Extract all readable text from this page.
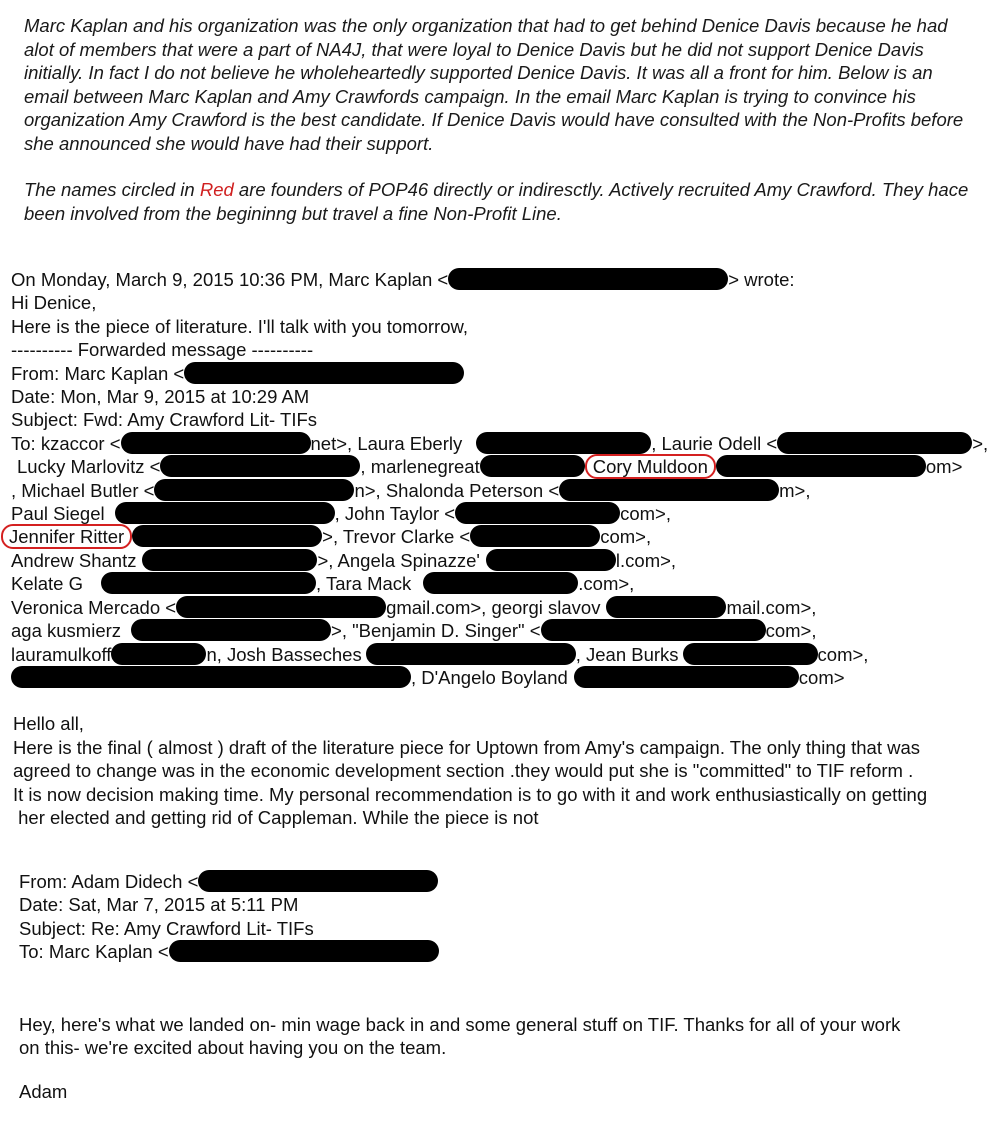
Marc Kaplan and his organization was the only organization that had to get behind Denice Davis because he had alot of members that were a part of NA4J, that were loyal to Denice Davis but he did not support Denice Davis initially. In fact I do not believe he wholeheartedly supported Denice Davis. It was all a front for him. Below is an email between Marc Kaplan and Amy Crawfords campaign. In the email Marc Kaplan is trying to convince his organization Amy Crawford is the best candidate. If Denice Davis would have consulted with the Non-Profits before she announced she would have had their support.

The names circled in Red are founders of POP46 directly or indiresctly. Actively recruited Amy Crawford. They hace been involved from the begininng but travel a fine Non-Profit Line.

On Monday, March 9, 2015 10:36 PM, Marc Kaplan <	> wrote:
Hi Denice,
Here is the piece of literature. I'll talk with you tomorrow,
---------- Forwarded message ----------
From: Marc Kaplan <
Date: Mon, Mar 9, 2015 at 10:29 AM
Subject: Fwd: Amy Crawford Lit- TIFs
To: kzaccor <	net>, Laura Eberly	, Laurie Odell <	>,
Lucky Marlovitz <	, marlenegreat	Cory Muldoon	om>
, Michael Butler <	n>, Shalonda Peterson <	m>,
Paul Siegel	, John Taylor <	com>,
Jennifer Ritter	>, Trevor Clarke <	com>,
Andrew Shantz	>, Angela Spinazze'	l.com>,
Kelate G	, Tara Mack	.com>,
Veronica Mercado <	gmail.com>, georgi slavov	mail.com>,
aga kusmierz	>, "Benjamin D. Singer" <	com>,
lauramulkoff	n, Josh Basseches	, Jean Burks	com>,
, D'Angelo Boyland	com>
Hello all,
Here is the final ( almost ) draft of the literature piece for Uptown from Amy's campaign. The only thing that was
agreed to change was in the economic development section .they would put she is "committed" to TIF reform .
It is now decision making time. My personal recommendation is to go with it and work enthusiastically on getting
her elected and getting rid of Cappleman. While the piece is not
From: Adam Didech <
Date: Sat, Mar 7, 2015 at 5:11 PM
Subject: Re: Amy Crawford Lit- TIFs
To: Marc Kaplan <
Hey, here's what we landed on- min wage back in and some general stuff on TIF. Thanks for all of your work
on this- we're excited about having you on the team.
Adam
